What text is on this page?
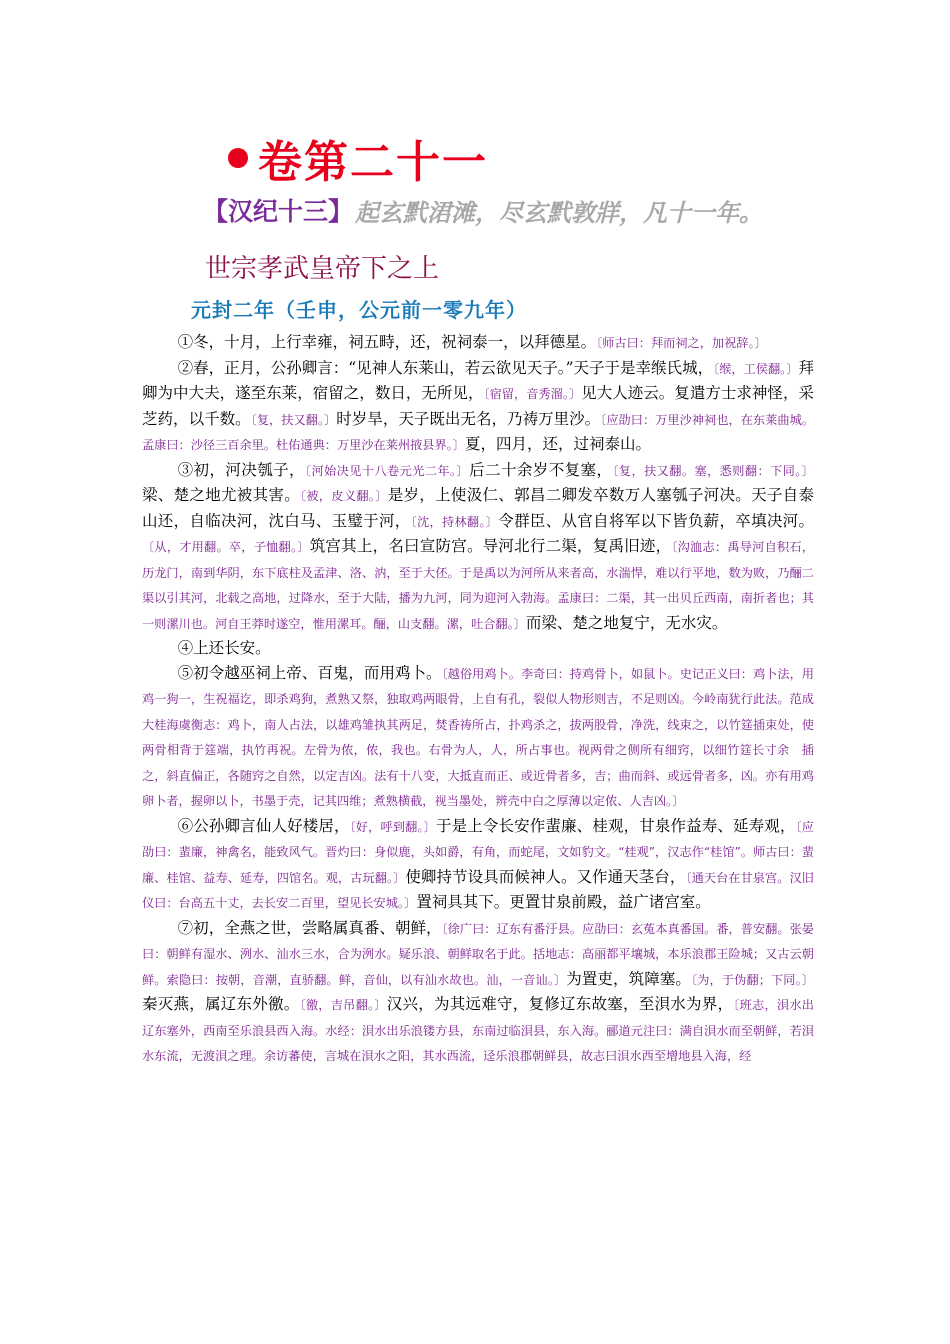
卷第二十一
【汉纪十三】 起玄黓涒滩，尽玄黓敦牂，凡十一年。
世宗孝武皇帝下之上
元封二年（壬申，公元前一零九年）

①冬，十月，上行幸雍，祠五畤，还，祝祠泰一，以拜德星。〔师古曰：拜而祠之，加祝辞。〕

②春，正月，公孙卿言：“见神人东莱山，若云欲见天子。”天子于是幸缑氏城，〔缑，工侯翻。〕拜卿为中大夫，遂至东莱，宿留之，数日，无所见，〔宿留，音秀溜。〕见大人迹云。复遣方士求神怪，采芝药，以千数。〔复，扶又翻。〕时岁旱，天子既出无名，乃祷万里沙。〔应劭曰：万里沙神祠也，在东莱曲城。孟康曰：沙径三百余里。杜佑通典：万里沙在莱州掖县界。〕夏，四月，还，过祠泰山。

③初，河决瓠子，〔河始决见十八卷元光二年。〕后二十余岁不复塞，〔复，扶又翻。塞，悉则翻：下同。〕梁、楚之地尤被其害。〔被，皮义翻。〕是岁，上使汲仁、郭昌二卿发卒数万人塞瓠子河决。天子自泰山还，自临决河，沈白马、玉璧于河，〔沈，持林翻。〕令群臣、从官自将军以下皆负薪，卒填决河。〔从，才用翻。卒，子恤翻。〕筑宫其上，名曰宣防宫。导河北行二渠，复禹旧迹，〔沟洫志：禹导河自积石，历龙门，南到华阴，东下底柱及孟津、洛、汭，至于大伾。于是禹以为河所从来者高，水湍悍，难以行平地，数为败，乃酾二渠以引其河，北载之高地，过降水，至于大陆，播为九河，同为迎河入勃海。孟康曰：二渠，其一出贝丘西南，南折者也；其一则漯川也。河自王莽时遂空，惟用漯耳。酾，山支翻。漯，吐合翻。〕而梁、楚之地复宁，无水灾。

④上还长安。

⑤初令越巫祠上帝、百鬼，而用鸡卜。〔越俗用鸡卜。李奇曰：持鸡骨卜，如鼠卜。史记正义曰：鸡卜法，用鸡一狗一，生祝福讫，即杀鸡狗，煮熟又祭，独取鸡两眼骨，上自有孔，裂似人物形则吉，不足则凶。今岭南犹行此法。范成大桂海虞衡志：鸡卜，南人占法，以雄鸡雏执其两足，焚香祷所占，扑鸡杀之，拔两股骨，净洗，线束之，以竹筳插束处，使两骨相背于筳端，执竹再祝。左骨为侬，侬，我也。右骨为人，人，所占事也。视两骨之侧所有细窍，以细竹筳长寸余　插之，斜直偏正，各随窍之自然，以定吉凶。法有十八变，大抵直而正、或近骨者多，吉；曲而斜、或远骨者多，凶。亦有用鸡卵卜者，握卵以卜，书墨于壳，记其四维；煮熟横截，视当墨处，辨壳中白之厚薄以定侬、人吉凶。〕

⑥公孙卿言仙人好楼居，〔好，呼到翻。〕于是上令长安作蜚廉、桂观，甘泉作益寿、延寿观，〔应劭曰：蜚廉，神禽名，能致风气。晋灼曰：身似鹿，头如爵，有角，而蛇尾，文如豹文。“桂观”，汉志作“桂馆”。师古曰：蜚廉、桂馆、益寿、延寿，四馆名。观，古玩翻。〕使卿持节设具而候神人。又作通天茎台，〔通天台在甘泉宫。汉旧仪曰：台高五十丈，去长安二百里，望见长安城。〕置祠具其下。更置甘泉前殿，益广诸宫室。

⑦初，全燕之世，尝略属真番、朝鲜，〔徐广曰：辽东有番汙县。应劭曰：玄菟本真番国。番，普安翻。张晏曰：朝鲜有湿水、洌水、汕水三水，合为洌水。疑乐浪、朝鲜取名于此。括地志：高丽都平壤城，本乐浪郡王险城；又古云朝鲜。索隐曰：按朝，音潮，直骄翻。鲜，音仙，以有汕水故也。汕，一音讪。〕为置吏，筑障塞。〔为，于伪翻；下同。〕秦灭燕，属辽东外徼。〔徼，吉吊翻。〕汉兴，为其远难守，复修辽东故塞，至浿水为界，〔班志，浿水出辽东塞外，西南至乐浪县西入海。水经：浿水出乐浪镂方县，东南过临浿县，东入海。郦道元注曰：满自浿水而至朝鲜，若浿水东流，无渡浿之理。余访蕃使，言城在浿水之阳，其水西流，迳乐浪郡朝鲜县，故志曰浿水西至增地县入海，经
